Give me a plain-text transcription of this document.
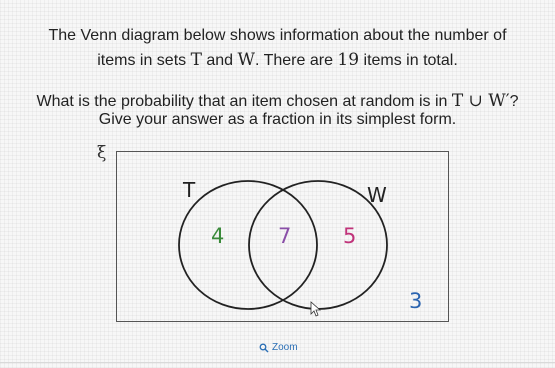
The Venn diagram below shows information about the number of
items in sets T and W. There are 19 items in total.
What is the probability that an item chosen at random is in T ∪ W′?
Give your answer as a fraction in its simplest form.
ξ
T	W
4	7 5
3
Zoom
